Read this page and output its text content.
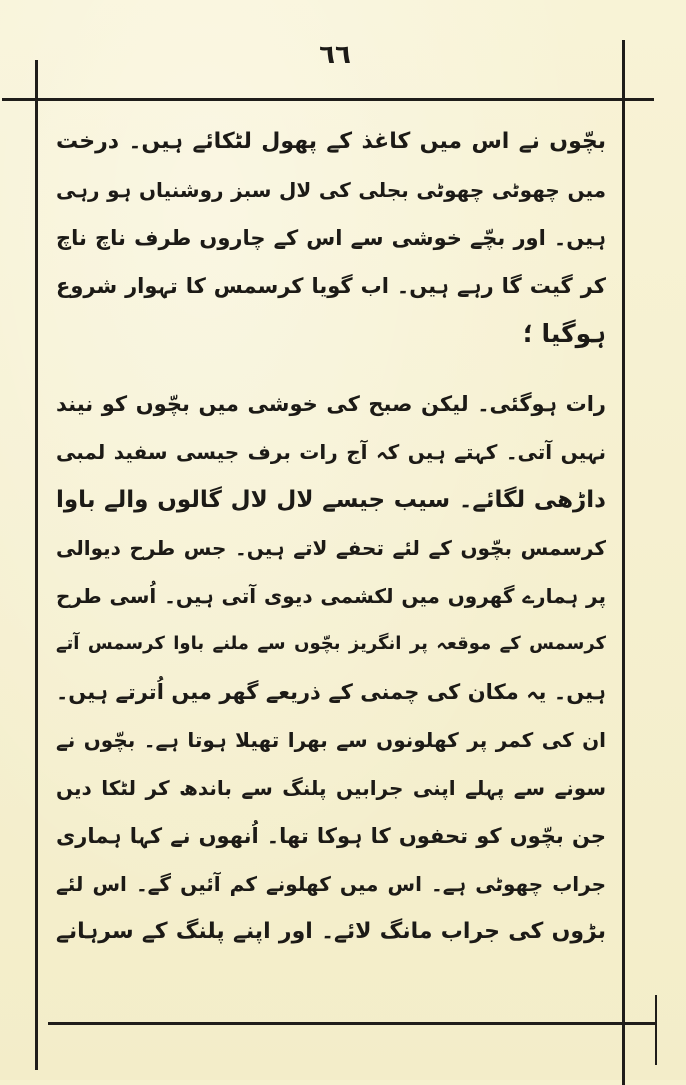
٦٦
بچّوں نے اس میں کاغذ کے پھول لٹکائے ہیں۔ درخت
میں چھوٹی چھوٹی بجلی کی لال سبز روشنیاں ہو رہی
ہیں۔ اور بچّے خوشی سے اس کے چاروں طرف ناچ ناچ
کر گیت گا رہے ہیں۔ اب گویا کرسمس کا تہوار شروع
ہوگیا ؛
رات ہوگئی۔ لیکن صبح کی خوشی میں بچّوں کو نیند
نہیں آتی۔ کہتے ہیں کہ آج رات برف جیسی سفید لمبی
داڑھی لگائے۔ سیب جیسے لال لال گالوں والے باوا
کرسمس بچّوں کے لئے تحفے لاتے ہیں۔ جس طرح دیوالی
پر ہمارے گھروں میں لکشمی دیوی آتی ہیں۔ اُسی طرح
کرسمس کے موقعہ پر انگریز بچّوں سے ملنے باوا کرسمس آتے
ہیں۔ یہ مکان کی چمنی کے ذریعے گھر میں اُترتے ہیں۔
ان کی کمر پر کھلونوں سے بھرا تھیلا ہوتا ہے۔ بچّوں نے
سونے سے پہلے اپنی جرابیں پلنگ سے باندھ کر لٹکا دیں
جن بچّوں کو تحفوں کا ہوکا تھا۔ اُنھوں نے کہا ہماری
جراب چھوٹی ہے۔ اس میں کھلونے کم آئیں گے۔ اس لئے
بڑوں کی جراب مانگ لائے۔ اور اپنے پلنگ کے سرہانے
